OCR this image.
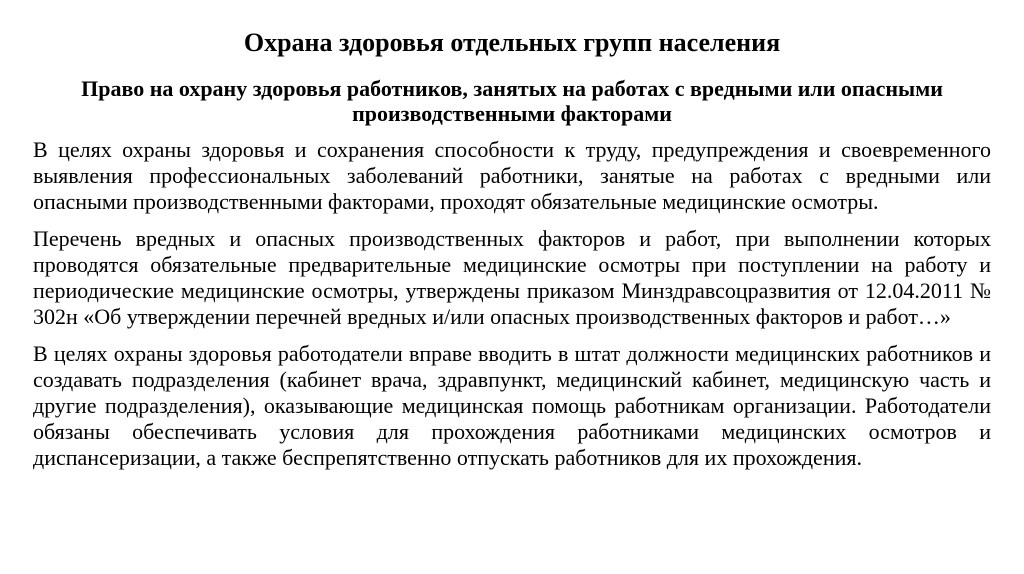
Охрана здоровья отдельных групп населения
Право на охрану здоровья работников, занятых на работах с вредными или опасными производственными факторами

В целях охраны здоровья и сохранения способности к труду, предупреждения и своевременного выявления профессиональных заболеваний работники, занятые на работах с вредными или опасными производственными факторами, проходят обязательные медицинские осмотры.

Перечень вредных и опасных производственных факторов и работ, при выполнении которых проводятся обязательные предварительные медицинские осмотры при поступлении на работу и периодические медицинские осмотры, утверждены приказом Минздравсоцразвития от 12.04.2011 № 302н «Об утверждении перечней вредных и/или опасных производственных факторов и работ…»

В целях охраны здоровья работодатели вправе вводить в штат должности медицинских работников и создавать подразделения (кабинет врача, здравпункт, медицинский кабинет, медицинскую часть и другие подразделения), оказывающие медицинская помощь работникам организации. Работодатели обязаны обеспечивать условия для прохождения работниками медицинских осмотров и диспансеризации, а также беспрепятственно отпускать работников для их прохождения.
